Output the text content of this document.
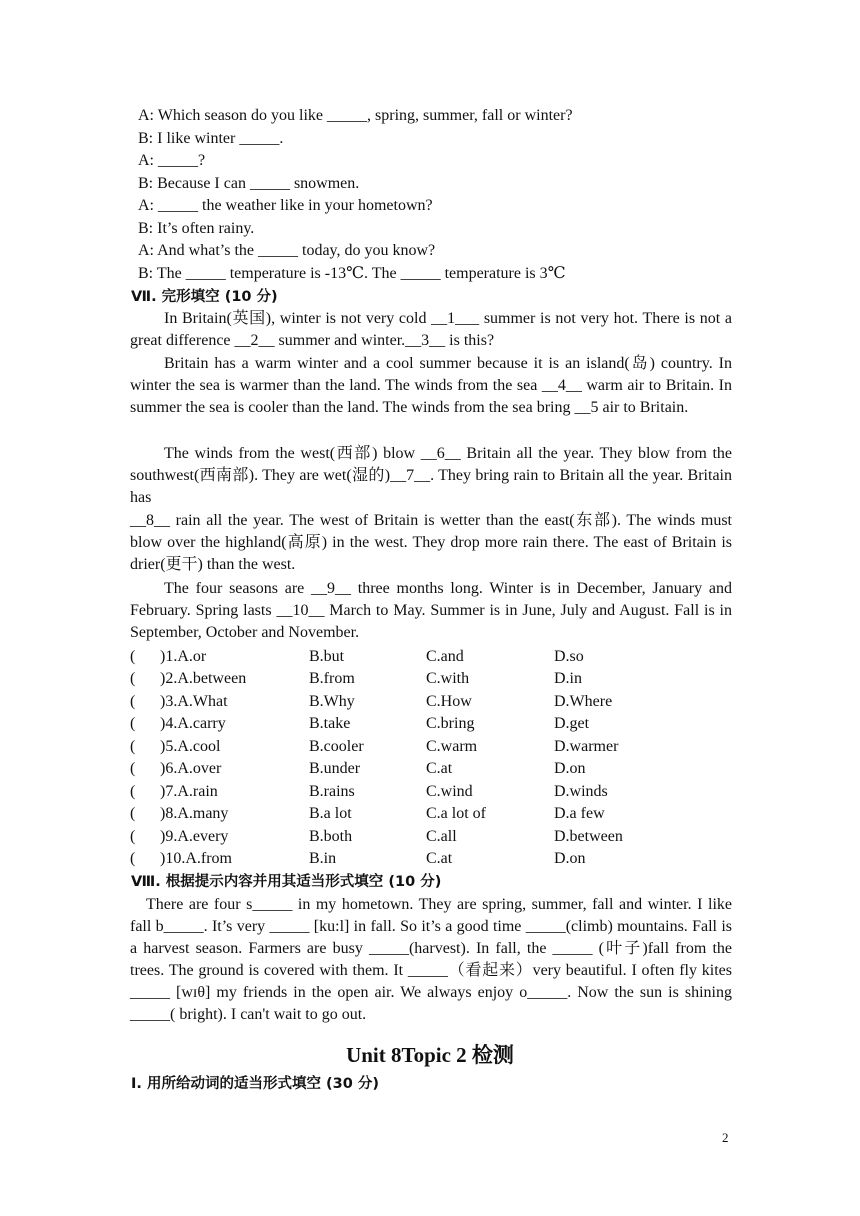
A: Which season do you like _____, spring, summer, fall or winter?
B: I like winter _____.
A: _____?
B: Because I can _____ snowmen.
A: _____ the weather like in your hometown?
B: It’s often rainy.
A: And what’s the _____ today, do you know?
B: The _____ temperature is -13℃. The _____ temperature is 3℃
Ⅶ. 完形填空 (10 分)
In Britain(英国), winter is not very cold __1___ summer is not very hot. There is not a great difference __2__ summer and winter.__3__ is this?
Britain has a warm winter and a cool summer because it is an island(岛) country. In winter the sea is warmer than the land. The winds from the sea __4__ warm air to Britain. In summer the sea is cooler than the land. The winds from the sea bring __5 air to Britain.
The winds from the west(西部) blow __6__ Britain all the year. They blow from the southwest(西南部). They are wet(湿的)__7__. They bring rain to Britain all the year. Britain has
__8__ rain all the year. The west of Britain is wetter than the east(东部). The winds must blow over the highland(高原) in the west. They drop more rain there. The east of Britain is drier(更干) than the west.
The four seasons are __9__ three months long. Winter is in December, January and February. Spring lasts __10__ March to May. Summer is in June, July and August. Fall is in September, October and November.
( )1.A.or	B.but	C.and	D.so
( )2.A.between	B.from	C.with	D.in
( )3.A.What	B.Why	C.How	D.Where
( )4.A.carry	B.take	C.bring	D.get
( )5.A.cool	B.cooler	C.warm	D.warmer
( )6.A.over	B.under	C.at	D.on
( )7.A.rain	B.rains	C.wind	D.winds
( )8.A.many	B.a lot	C.a lot of	D.a few
( )9.A.every	B.both	C.all	D.between
( )10.A.from	B.in	C.at	D.on
Ⅷ. 根据提示内容并用其适当形式填空 (10 分)
There are four s_____ in my hometown. They are spring, summer, fall and winter. I like fall b_____. It’s very _____ [ku:l] in fall. So it’s a good time _____(climb) mountains. Fall is a harvest season. Farmers are busy _____(harvest). In fall, the _____ (叶子)fall from the trees. The ground is covered with them. It _____（看起来）very beautiful. I often fly kites _____ [wɪθ] my friends in the open air. We always enjoy o_____. Now the sun is shining _____( bright). I can't wait to go out.
Unit 8Topic 2 检测
Ⅰ. 用所给动词的适当形式填空 (30 分)
2
